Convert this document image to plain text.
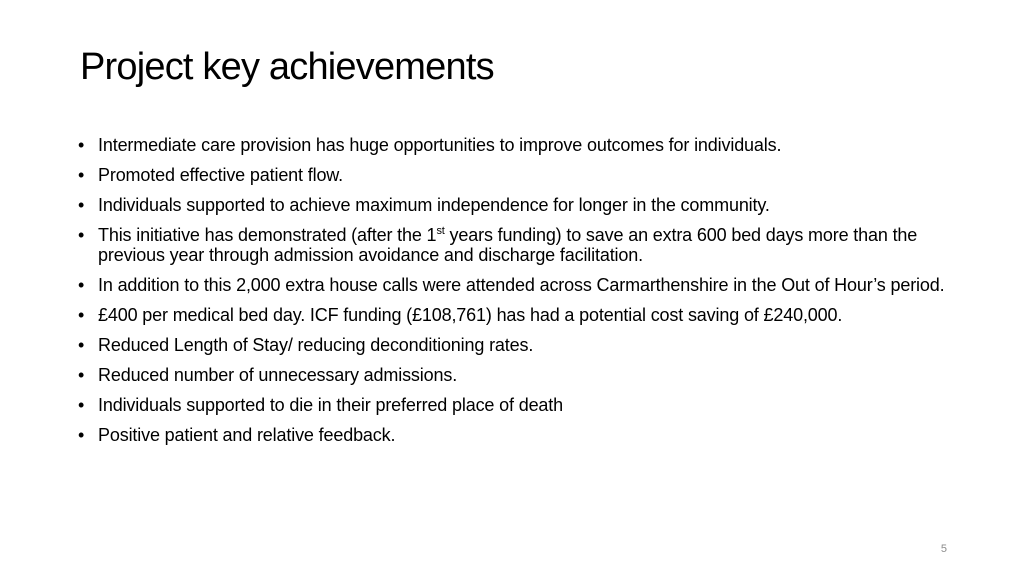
Project key achievements
• Intermediate care provision has huge opportunities to improve outcomes for individuals.
• Promoted effective patient flow.
• Individuals supported to achieve maximum independence for longer in the community.
• This initiative has demonstrated (after the 1st years funding) to save an extra 600 bed days more than the previous year through admission avoidance and discharge facilitation.
• In addition to this 2,000 extra house calls were attended across Carmarthenshire in the Out of Hour’s period.
• £400 per medical bed day. ICF funding (£108,761) has had a potential cost saving of £240,000.
• Reduced Length of Stay/ reducing deconditioning rates.
• Reduced number of unnecessary admissions.
• Individuals supported to die in their preferred place of death
• Positive patient and relative feedback.
5
